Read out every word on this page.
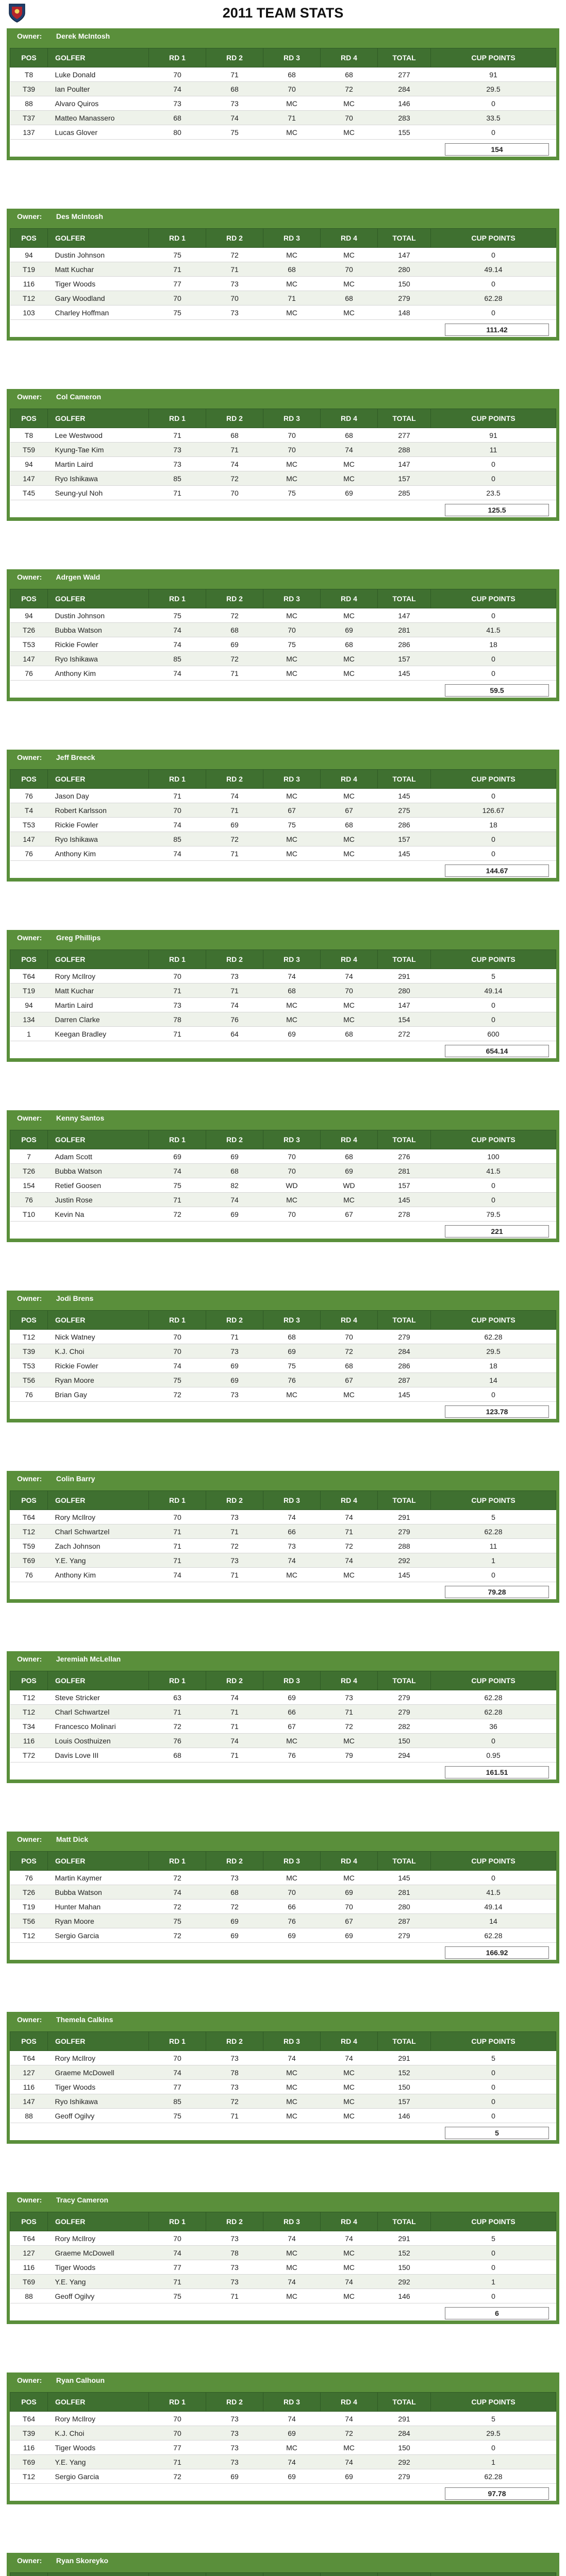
2011 TEAM STATS
Owner: Derek McIntosh
POS	GOLFER	RD 1	RD 2	RD 3	RD 4	TOTAL	CUP POINTS
T8	Luke Donald	70	71	68	68	277	91
T39	Ian Poulter	74	68	70	72	284	29.5
88	Alvaro Quiros	73	73	MC	MC	146	0
T37	Matteo Manassero	68	74	71	70	283	33.5
137	Lucas Glover	80	75	MC	MC	155	0
154
Owner: Des McIntosh
POS	GOLFER	RD 1	RD 2	RD 3	RD 4	TOTAL	CUP POINTS
94	Dustin Johnson	75	72	MC	MC	147	0
T19	Matt Kuchar	71	71	68	70	280	49.14
116	Tiger Woods	77	73	MC	MC	150	0
T12	Gary Woodland	70	70	71	68	279	62.28
103	Charley Hoffman	75	73	MC	MC	148	0
111.42
Owner: Col Cameron
POS	GOLFER	RD 1	RD 2	RD 3	RD 4	TOTAL	CUP POINTS
T8	Lee Westwood	71	68	70	68	277	91
T59	Kyung-Tae Kim	73	71	70	74	288	11
94	Martin Laird	73	74	MC	MC	147	0
147	Ryo Ishikawa	85	72	MC	MC	157	0
T45	Seung-yul Noh	71	70	75	69	285	23.5
125.5
Owner: Adrgen Wald
POS	GOLFER	RD 1	RD 2	RD 3	RD 4	TOTAL	CUP POINTS
94	Dustin Johnson	75	72	MC	MC	147	0
T26	Bubba Watson	74	68	70	69	281	41.5
T53	Rickie Fowler	74	69	75	68	286	18
147	Ryo Ishikawa	85	72	MC	MC	157	0
76	Anthony Kim	74	71	MC	MC	145	0
59.5
Owner: Jeff Breeck
POS	GOLFER	RD 1	RD 2	RD 3	RD 4	TOTAL	CUP POINTS
76	Jason Day	71	74	MC	MC	145	0
T4	Robert Karlsson	70	71	67	67	275	126.67
T53	Rickie Fowler	74	69	75	68	286	18
147	Ryo Ishikawa	85	72	MC	MC	157	0
76	Anthony Kim	74	71	MC	MC	145	0
144.67
Owner: Greg Phillips
POS	GOLFER	RD 1	RD 2	RD 3	RD 4	TOTAL	CUP POINTS
T64	Rory McIlroy	70	73	74	74	291	5
T19	Matt Kuchar	71	71	68	70	280	49.14
94	Martin Laird	73	74	MC	MC	147	0
134	Darren Clarke	78	76	MC	MC	154	0
1	Keegan Bradley	71	64	69	68	272	600
654.14
Owner: Kenny Santos
POS	GOLFER	RD 1	RD 2	RD 3	RD 4	TOTAL	CUP POINTS
7	Adam Scott	69	69	70	68	276	100
T26	Bubba Watson	74	68	70	69	281	41.5
154	Retief Goosen	75	82	WD	WD	157	0
76	Justin Rose	71	74	MC	MC	145	0
T10	Kevin Na	72	69	70	67	278	79.5
221
Owner: Jodi Brens
POS	GOLFER	RD 1	RD 2	RD 3	RD 4	TOTAL	CUP POINTS
T12	Nick Watney	70	71	68	70	279	62.28
T39	K.J. Choi	70	73	69	72	284	29.5
T53	Rickie Fowler	74	69	75	68	286	18
T56	Ryan Moore	75	69	76	67	287	14
76	Brian Gay	72	73	MC	MC	145	0
123.78
Owner: Colin Barry
POS	GOLFER	RD 1	RD 2	RD 3	RD 4	TOTAL	CUP POINTS
T64	Rory McIlroy	70	73	74	74	291	5
T12	Charl Schwartzel	71	71	66	71	279	62.28
T59	Zach Johnson	71	72	73	72	288	11
T69	Y.E. Yang	71	73	74	74	292	1
76	Anthony Kim	74	71	MC	MC	145	0
79.28
Owner: Jeremiah McLellan
POS	GOLFER	RD 1	RD 2	RD 3	RD 4	TOTAL	CUP POINTS
T12	Steve Stricker	63	74	69	73	279	62.28
T12	Charl Schwartzel	71	71	66	71	279	62.28
T34	Francesco Molinari	72	71	67	72	282	36
116	Louis Oosthuizen	76	74	MC	MC	150	0
T72	Davis Love III	68	71	76	79	294	0.95
161.51
Owner: Matt Dick
POS	GOLFER	RD 1	RD 2	RD 3	RD 4	TOTAL	CUP POINTS
76	Martin Kaymer	72	73	MC	MC	145	0
T26	Bubba Watson	74	68	70	69	281	41.5
T19	Hunter Mahan	72	72	66	70	280	49.14
T56	Ryan Moore	75	69	76	67	287	14
T12	Sergio Garcia	72	69	69	69	279	62.28
166.92
Owner: Themela Calkins
POS	GOLFER	RD 1	RD 2	RD 3	RD 4	TOTAL	CUP POINTS
T64	Rory McIlroy	70	73	74	74	291	5
127	Graeme McDowell	74	78	MC	MC	152	0
116	Tiger Woods	77	73	MC	MC	150	0
147	Ryo Ishikawa	85	72	MC	MC	157	0
88	Geoff Ogilvy	75	71	MC	MC	146	0
5
Owner: Tracy Cameron
POS	GOLFER	RD 1	RD 2	RD 3	RD 4	TOTAL	CUP POINTS
T64	Rory McIlroy	70	73	74	74	291	5
127	Graeme McDowell	74	78	MC	MC	152	0
116	Tiger Woods	77	73	MC	MC	150	0
T69	Y.E. Yang	71	73	74	74	292	1
88	Geoff Ogilvy	75	71	MC	MC	146	0
6
Owner: Ryan Calhoun
POS	GOLFER	RD 1	RD 2	RD 3	RD 4	TOTAL	CUP POINTS
T64	Rory McIlroy	70	73	74	74	291	5
T39	K.J. Choi	70	73	69	72	284	29.5
116	Tiger Woods	77	73	MC	MC	150	0
T69	Y.E. Yang	71	73	74	74	292	1
T12	Sergio Garcia	72	69	69	69	279	62.28
97.78
Owner: Ryan Skoreyko
